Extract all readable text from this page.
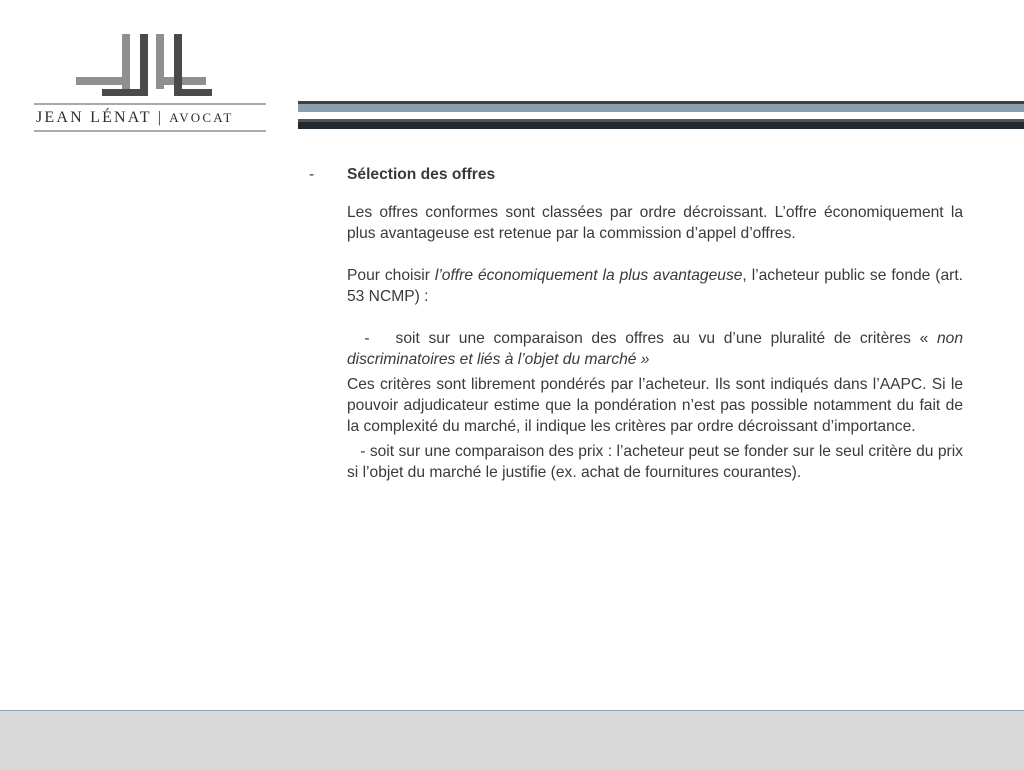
JEAN LÉNAT | AVOCAT

- Sélection des offres

Les offres conformes sont classées par ordre décroissant. L’offre économiquement la plus avantageuse est retenue par la commission d’appel d’offres.

Pour choisir l’offre économiquement la plus avantageuse, l’acheteur public se fonde (art. 53 NCMP) :

-   soit sur une comparaison des offres au vu d’une pluralité de critères « non discriminatoires et liés à l’objet du marché »

Ces critères sont librement pondérés par l’acheteur. Ils sont indiqués dans l’AAPC. Si le pouvoir adjudicateur estime que la pondération n’est pas possible notamment du fait de la complexité du marché, il indique les critères par ordre décroissant d’importance.

- soit sur une comparaison des prix : l’acheteur peut se fonder sur le seul critère du prix si l’objet du marché le justifie (ex. achat de fournitures courantes).
